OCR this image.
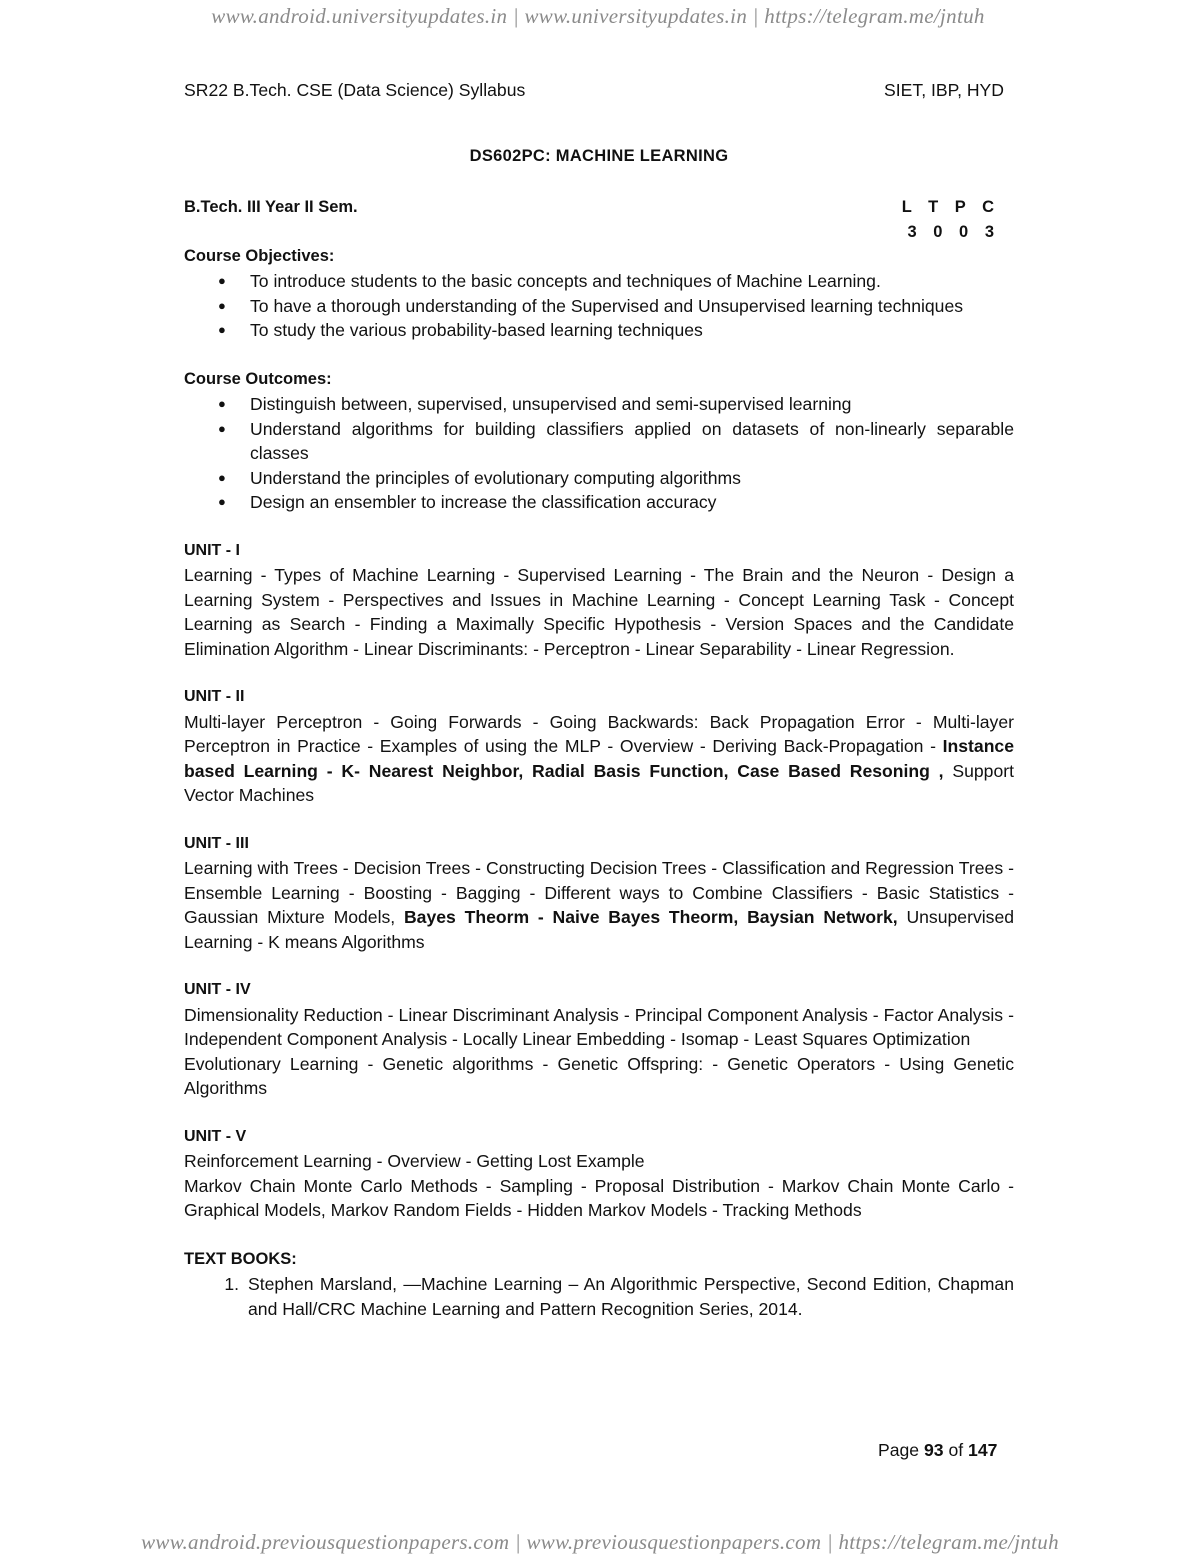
www.android.universityupdates.in | www.universityupdates.in | https://telegram.me/jntuh
SR22 B.Tech. CSE (Data Science) Syllabus	SIET, IBP, HYD
DS602PC: MACHINE LEARNING
B.Tech. III Year II Sem.	L T P C
3 0 0 3
Course Objectives:
● To introduce students to the basic concepts and techniques of Machine Learning.
● To have a thorough understanding of the Supervised and Unsupervised learning techniques
● To study the various probability-based learning techniques
Course Outcomes:
● Distinguish between, supervised, unsupervised and semi-supervised learning
● Understand algorithms for building classifiers applied on datasets of non-linearly separable classes
● Understand the principles of evolutionary computing algorithms
● Design an ensembler to increase the classification accuracy
UNIT - I

Learning - Types of Machine Learning - Supervised Learning - The Brain and the Neuron - Design a Learning System - Perspectives and Issues in Machine Learning - Concept Learning Task - Concept Learning as Search - Finding a Maximally Specific Hypothesis - Version Spaces and the Candidate Elimination Algorithm - Linear Discriminants: - Perceptron - Linear Separability - Linear Regression.

UNIT - II

Multi-layer Perceptron - Going Forwards - Going Backwards: Back Propagation Error - Multi-layer Perceptron in Practice - Examples of using the MLP - Overview - Deriving Back-Propagation - Instance based Learning - K- Nearest Neighbor, Radial Basis Function, Case Based Resoning , Support Vector Machines

UNIT - III

Learning with Trees - Decision Trees - Constructing Decision Trees - Classification and Regression Trees - Ensemble Learning - Boosting - Bagging - Different ways to Combine Classifiers - Basic Statistics - Gaussian Mixture Models, Bayes Theorm - Naive Bayes Theorm, Baysian Network, Unsupervised Learning - K means Algorithms

UNIT - IV

Dimensionality Reduction - Linear Discriminant Analysis - Principal Component Analysis - Factor Analysis - Independent Component Analysis - Locally Linear Embedding - Isomap - Least Squares Optimization

Evolutionary Learning - Genetic algorithms - Genetic Offspring: - Genetic Operators - Using Genetic Algorithms

UNIT - V

Reinforcement Learning - Overview - Getting Lost Example

Markov Chain Monte Carlo Methods - Sampling - Proposal Distribution - Markov Chain Monte Carlo - Graphical Models, Markov Random Fields - Hidden Markov Models - Tracking Methods

TEXT BOOKS:
1. Stephen Marsland, ―Machine Learning – An Algorithmic Perspective, Second Edition, Chapman and Hall/CRC Machine Learning and Pattern Recognition Series, 2014.
Page 93 of 147
www.android.previousquestionpapers.com | www.previousquestionpapers.com | https://telegram.me/jntuh
